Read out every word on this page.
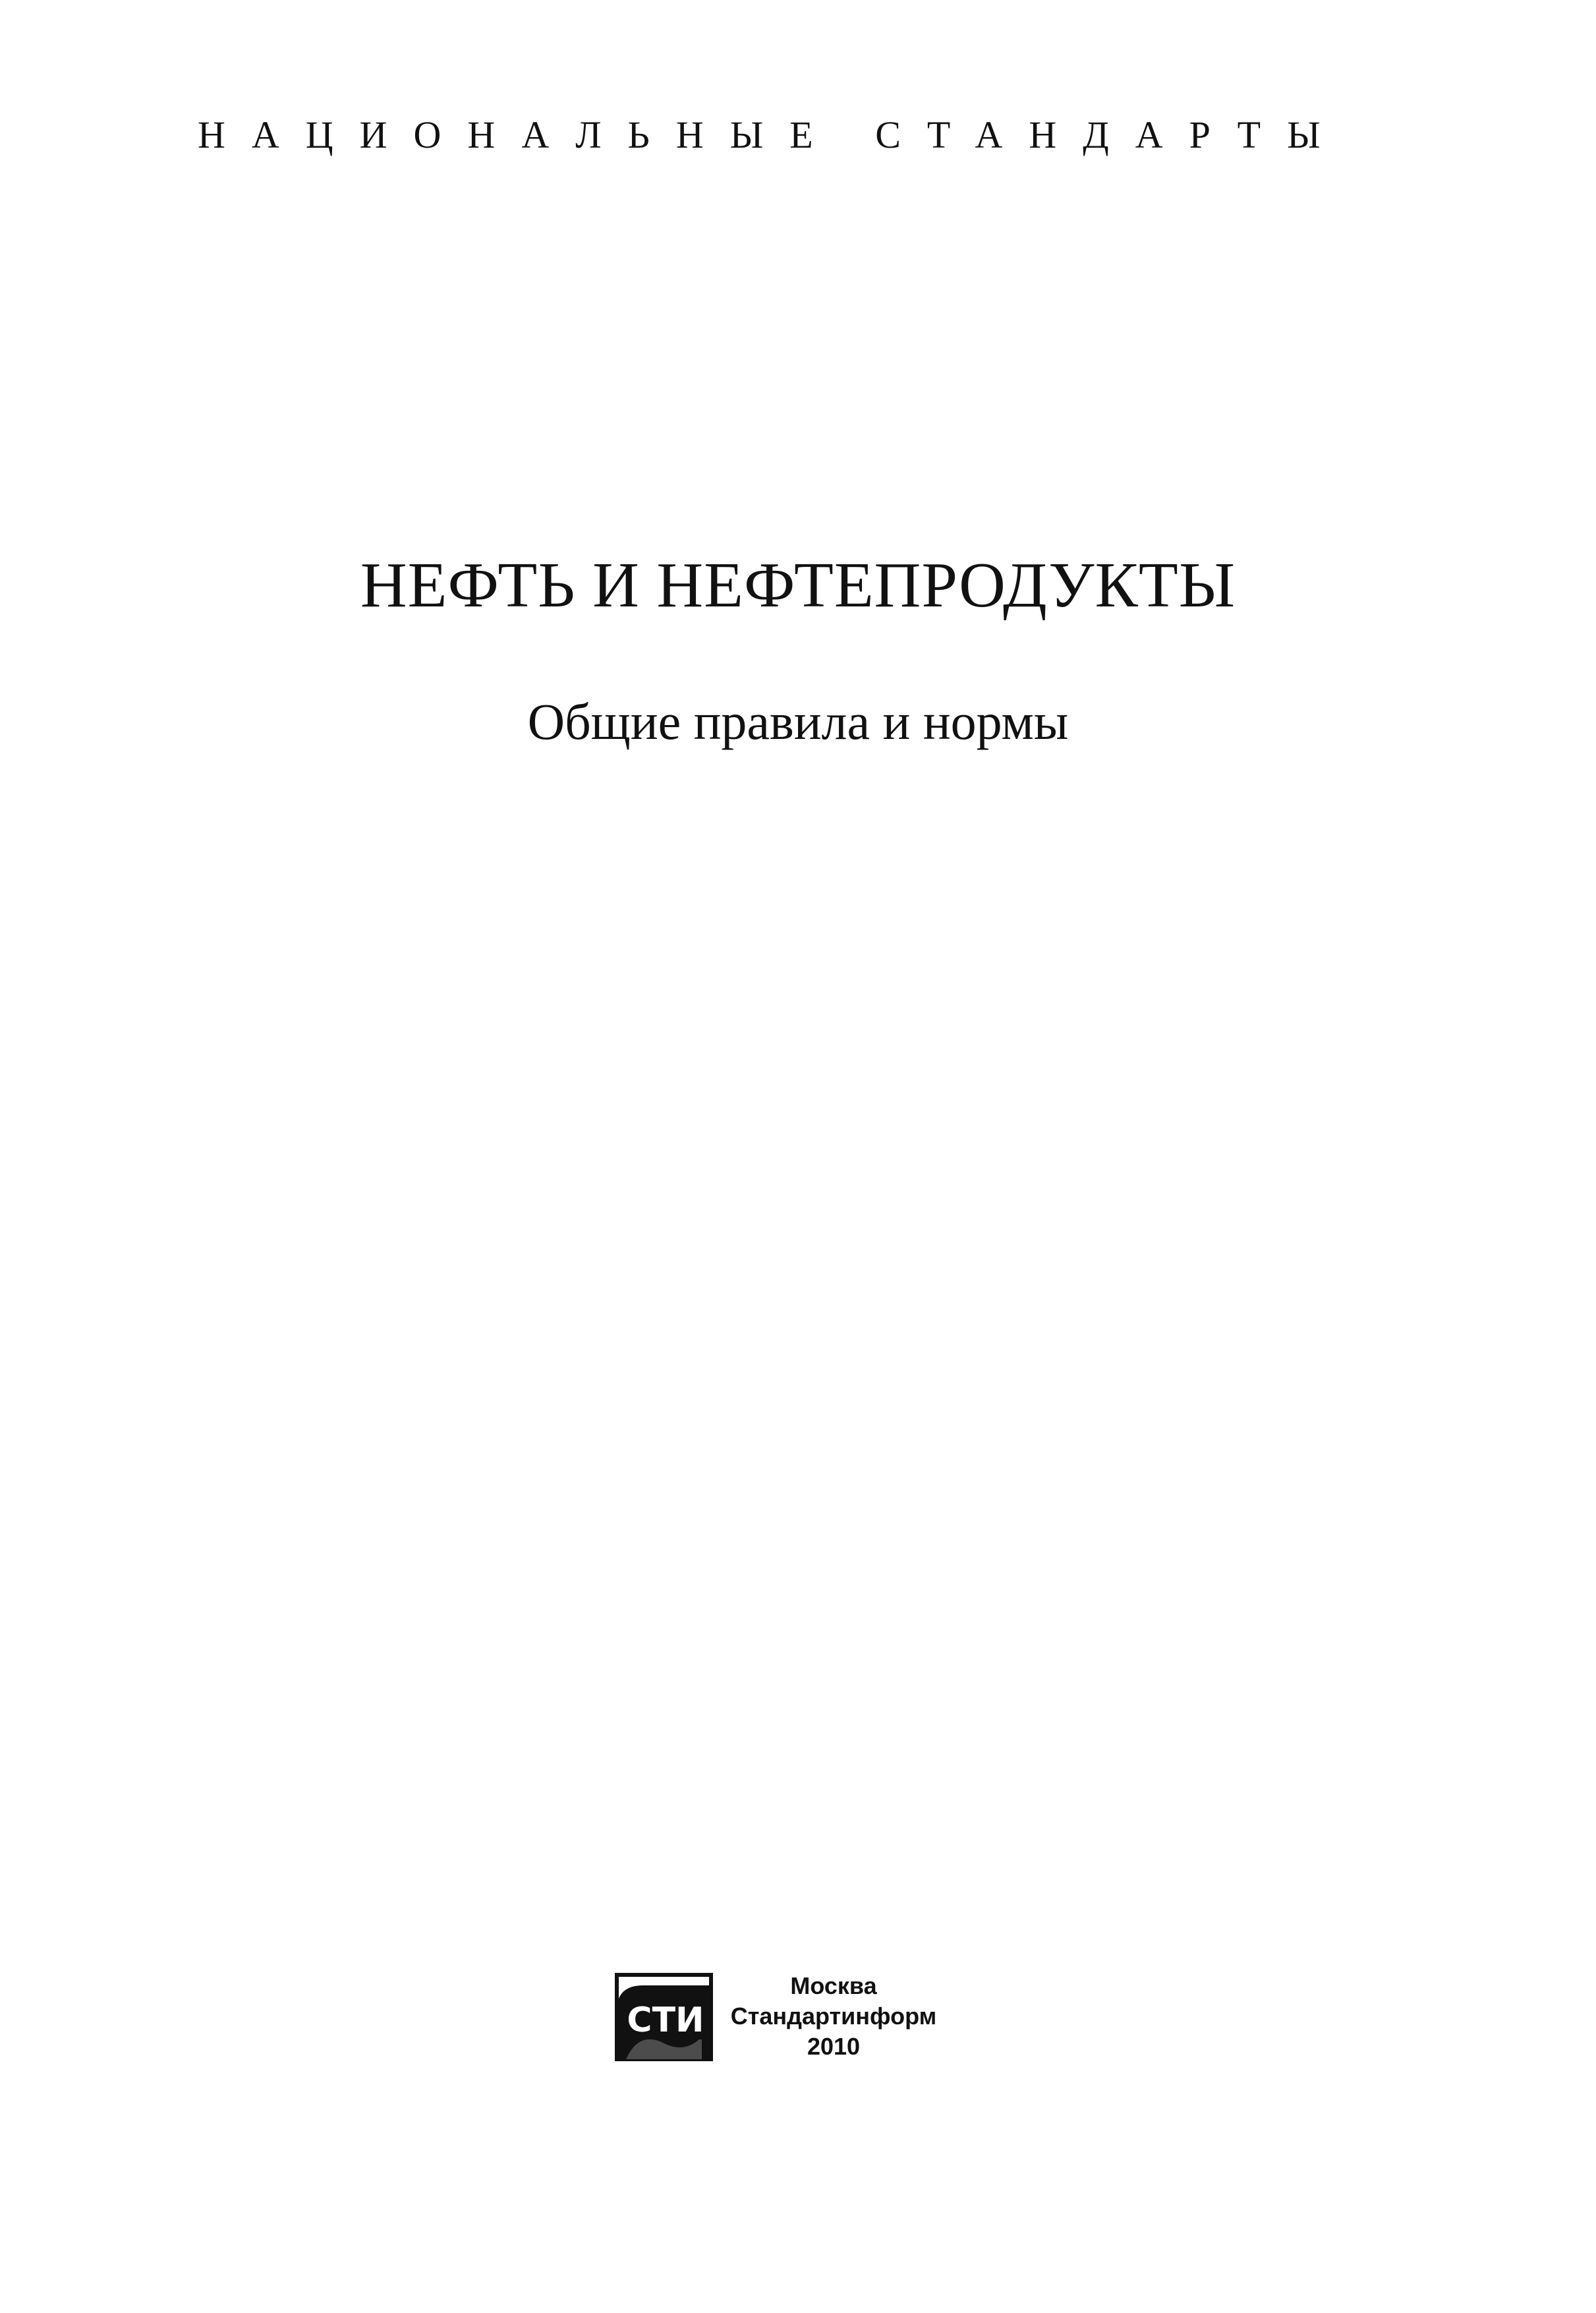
НАЦИОНАЛЬНЫЕ СТАНДАРТЫ
НЕФТЬ И НЕФТЕПРОДУКТЫ
Общие правила и нормы
СТИ
Москва
Стандартинформ
2010
